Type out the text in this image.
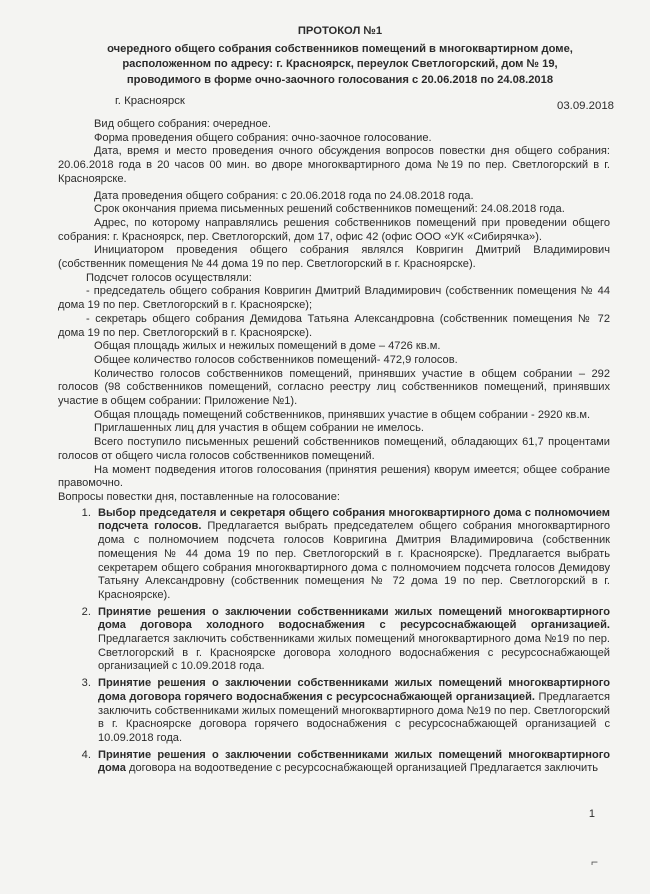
ПРОТОКОЛ №1
очередного общего собрания собственников помещений в многоквартирном доме,
расположенном по адресу: г. Красноярск, переулок Светлогорский, дом № 19,
проводимого в форме очно-заочного голосования с 20.06.2018 по 24.08.2018
г. Красноярск	03.09.2018

Вид общего собрания: очередное.

Форма проведения общего собрания: очно-заочное голосование.

Дата, время и место проведения очного обсуждения вопросов повестки дня общего собрания: 20.06.2018 года в 20 часов 00 мин. во дворе многоквартирного дома №19 по пер. Светлогорский в г. Красноярске.

Дата проведения общего собрания: с 20.06.2018 года по 24.08.2018 года.

Срок окончания приема письменных решений собственников помещений: 24.08.2018 года.

Адрес, по которому направлялись решения собственников помещений при проведении общего собрания: г. Красноярск, пер. Светлогорский, дом 17, офис 42 (офис ООО «УК «Сибирячка»).

Инициатором проведения общего собрания являлся Ковригин Дмитрий Владимирович (собственник помещения № 44 дома 19 по пер. Светлогорский в г. Красноярске).

Подсчет голосов осуществляли:

- председатель общего собрания Ковригин Дмитрий Владимирович (собственник помещения № 44 дома 19 по пер. Светлогорский в г. Красноярске);

- секретарь общего собрания Демидова Татьяна Александровна (собственник помещения № 72 дома 19 по пер. Светлогорский в г. Красноярске).

Общая площадь жилых и нежилых помещений в доме – 4726 кв.м.

Общее количество голосов собственников помещений- 472,9 голосов.

Количество голосов собственников помещений, принявших участие в общем собрании – 292 голосов (98 собственников помещений, согласно реестру лиц собственников помещений, принявших участие в общем собрании: Приложение №1).

Общая площадь помещений собственников, принявших участие в общем собрании - 2920 кв.м.

Приглашенных лиц для участия в общем собрании не имелось.

Всего поступило письменных решений собственников помещений, обладающих 61,7 процентами голосов от общего числа голосов собственников помещений.

На момент подведения итогов голосования (принятия решения) кворум имеется; общее собрание правомочно.

Вопросы повестки дня, поставленные на голосование:

1. Выбор председателя и секретаря общего собрания многоквартирного дома с полномочием подсчета голосов. Предлагается выбрать председателем общего собрания многоквартирного дома с полномочием подсчета голосов Ковригина Дмитрия Владимировича (собственник помещения № 44 дома 19 по пер. Светлогорский в г. Красноярске). Предлагается выбрать секретарем общего собрания многоквартирного дома с полномочием подсчета голосов Демидову Татьяну Александровну (собственник помещения № 72 дома 19 по пер. Светлогорский в г. Красноярске).
2. Принятие решения о заключении собственниками жилых помещений многоквартирного дома договора холодного водоснабжения с ресурсоснабжающей организацией. Предлагается заключить собственниками жилых помещений многоквартирного дома №19 по пер. Светлогорский в г. Красноярске договора холодного водоснабжения с ресурсоснабжающей организацией с 10.09.2018 года.
3. Принятие решения о заключении собственниками жилых помещений многоквартирного дома договора горячего водоснабжения с ресурсоснабжающей организацией. Предлагается заключить собственниками жилых помещений многоквартирного дома №19 по пер. Светлогорский в г. Красноярске договора горячего водоснабжения с ресурсоснабжающей организацией с 10.09.2018 года.
4. Принятие решения о заключении собственниками жилых помещений многоквартирного дома договора на водоотведение с ресурсоснабжающей организацией Предлагается заключить
1
⌐
